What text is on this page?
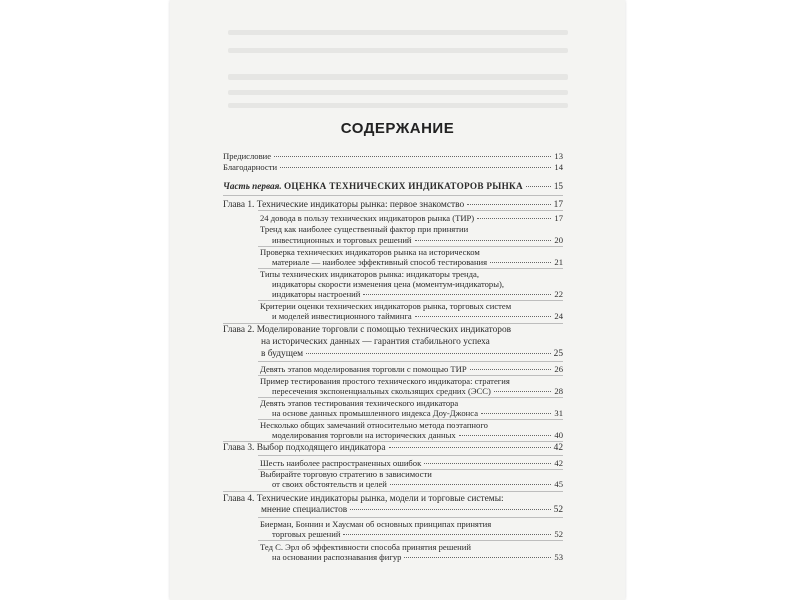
СОДЕРЖАНИЕ
Предисловие	13
Благодарности	14
Часть первая. ОЦЕНКА ТЕХНИЧЕСКИХ ИНДИКАТОРОВ РЫНКА	15
Глава 1. Технические индикаторы рынка: первое знакомство	17
24 довода в пользу технических индикаторов рынка (ТИР)	17
Тренд как наиболее существенный фактор при принятии
инвестиционных и торговых решений	20
Проверка технических индикаторов рынка на историческом
материале — наиболее эффективный способ тестирования	21
Типы технических индикаторов рынка: индикаторы тренда,
индикаторы скорости изменения цена (моментум-индикаторы),
индикаторы настроений	22
Критерии оценки технических индикаторов рынка, торговых систем
и моделей инвестиционного тайминга	24
Глава 2. Моделирование торговли с помощью технических индикаторов
на исторических данных — гарантия стабильного успеха
в будущем	25
Девять этапов моделирования торговли с помощью ТИР	26
Пример тестирования простого технического индикатора: стратегия
пересечения экспоненциальных скользящих средних (ЭСС)	28
Девять этапов тестирования технического индикатора
на основе данных промышленного индекса Доу-Джонса	31
Несколько общих замечаний относительно метода поэтапного
моделирования торговли на исторических данных	40
Глава 3. Выбор подходящего индикатора	42
Шесть наиболее распространенных ошибок	42
Выбирайте торговую стратегию в зависимости
от своих обстоятельств и целей	45
Глава 4. Технические индикаторы рынка, модели и торговые системы:
мнение специалистов	52
Биерман, Боннин и Хаусман об основных принципах принятия
торговых решений	52
Тед С. Эрл об эффективности способа принятия решений
на основании распознавания фигур	53
